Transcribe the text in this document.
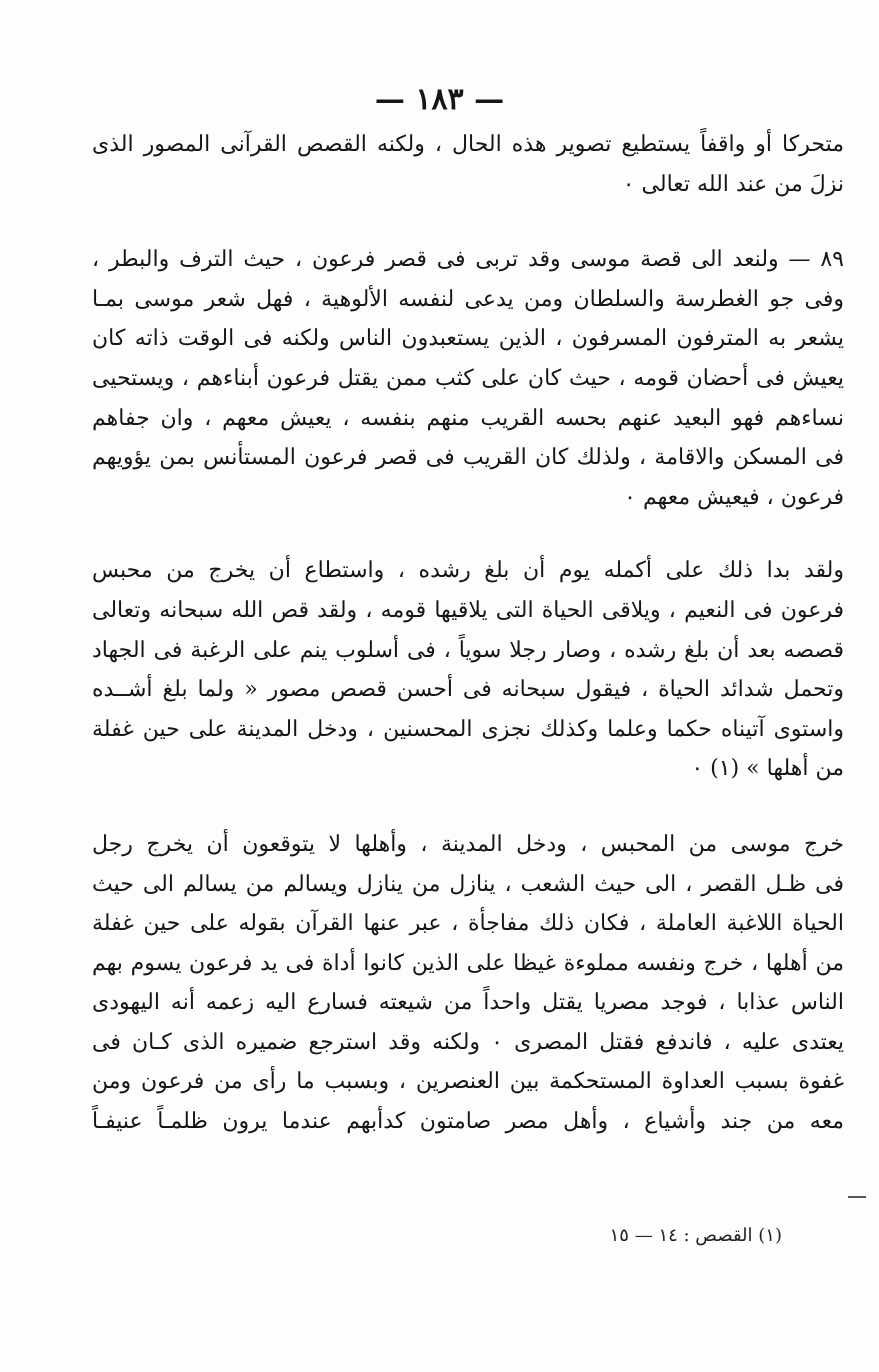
— ١٨٣ —
متحركا أو واقفاً يستطيع تصوير هذه الحال ، ولكنه القصص القرآنى المصور الذى
نزلَ من عند الله تعالى ٠
٨٩ — ولنعد الى قصة موسى وقد تربى فى قصر فرعون ، حيث الترف والبطر ،
وفى جو الغطرسة والسلطان ومن يدعى لنفسه الألوهية ، فهل شعر موسى بمـا
يشعر به المترفون المسرفون ، الذين يستعبدون الناس ولكنه فى الوقت ذاته كان
يعيش فى أحضان قومه ، حيث كان على كثب ممن يقتل فرعون أبناءهم ، ويستحيى
نساءهم فهو البعيد عنهم بحسه القريب منهم بنفسه ، يعيش معهم ، وان جفاهم
فى المسكن والاقامة ، ولذلك كان القريب فى قصر فرعون المستأنس بمن يؤويهم
فرعون ، فيعيش معهم ٠
ولقد بدا ذلك على أكمله يوم أن بلغ رشده ، واستطاع أن يخرج من محبس
فرعون فى النعيم ، ويلاقى الحياة التى يلاقيها قومه ، ولقد قص الله سبحانه وتعالى
قصصه بعد أن بلغ رشده ، وصار رجلا سوياً ، فى أسلوب ينم على الرغبة فى الجهاد
وتحمل شدائد الحياة ، فيقول سبحانه فى أحسن قصص مصور « ولما بلغ أشــده
واستوى آتيناه حكما وعلما وكذلك نجزى المحسنين ، ودخل المدينة على حين غفلة
من أهلها » (١) ٠
خرج موسى من المحبس ، ودخل المدينة ، وأهلها لا يتوقعون أن يخرج رجل
فى ظـل القصر ، الى حيث الشعب ، ينازل من ينازل ويسالم من يسالم الى حيث
الحياة اللاغبة العاملة ، فكان ذلك مفاجأة ، عبر عنها القرآن بقوله على حين غفلة
من أهلها ، خرج ونفسه مملوءة غيظا على الذين كانوا أداة فى يد فرعون يسوم بهم
الناس عذابا ، فوجد مصريا يقتل واحداً من شيعته فسارع اليه زعمه أنه اليهودى
يعتدى عليه ، فاندفع فقتل المصرى ٠ ولكنه وقد استرجع ضميره الذى كـان فى
غفوة بسبب العداوة المستحكمة بين العنصرين ، وبسبب ما رأى من فرعون ومن
معه من جند وأشياع ، وأهل مصر صامتون كدأبهم عندما يرون ظلمـاً عنيفـاً
(١) القصص : ١٤ — ١٥
